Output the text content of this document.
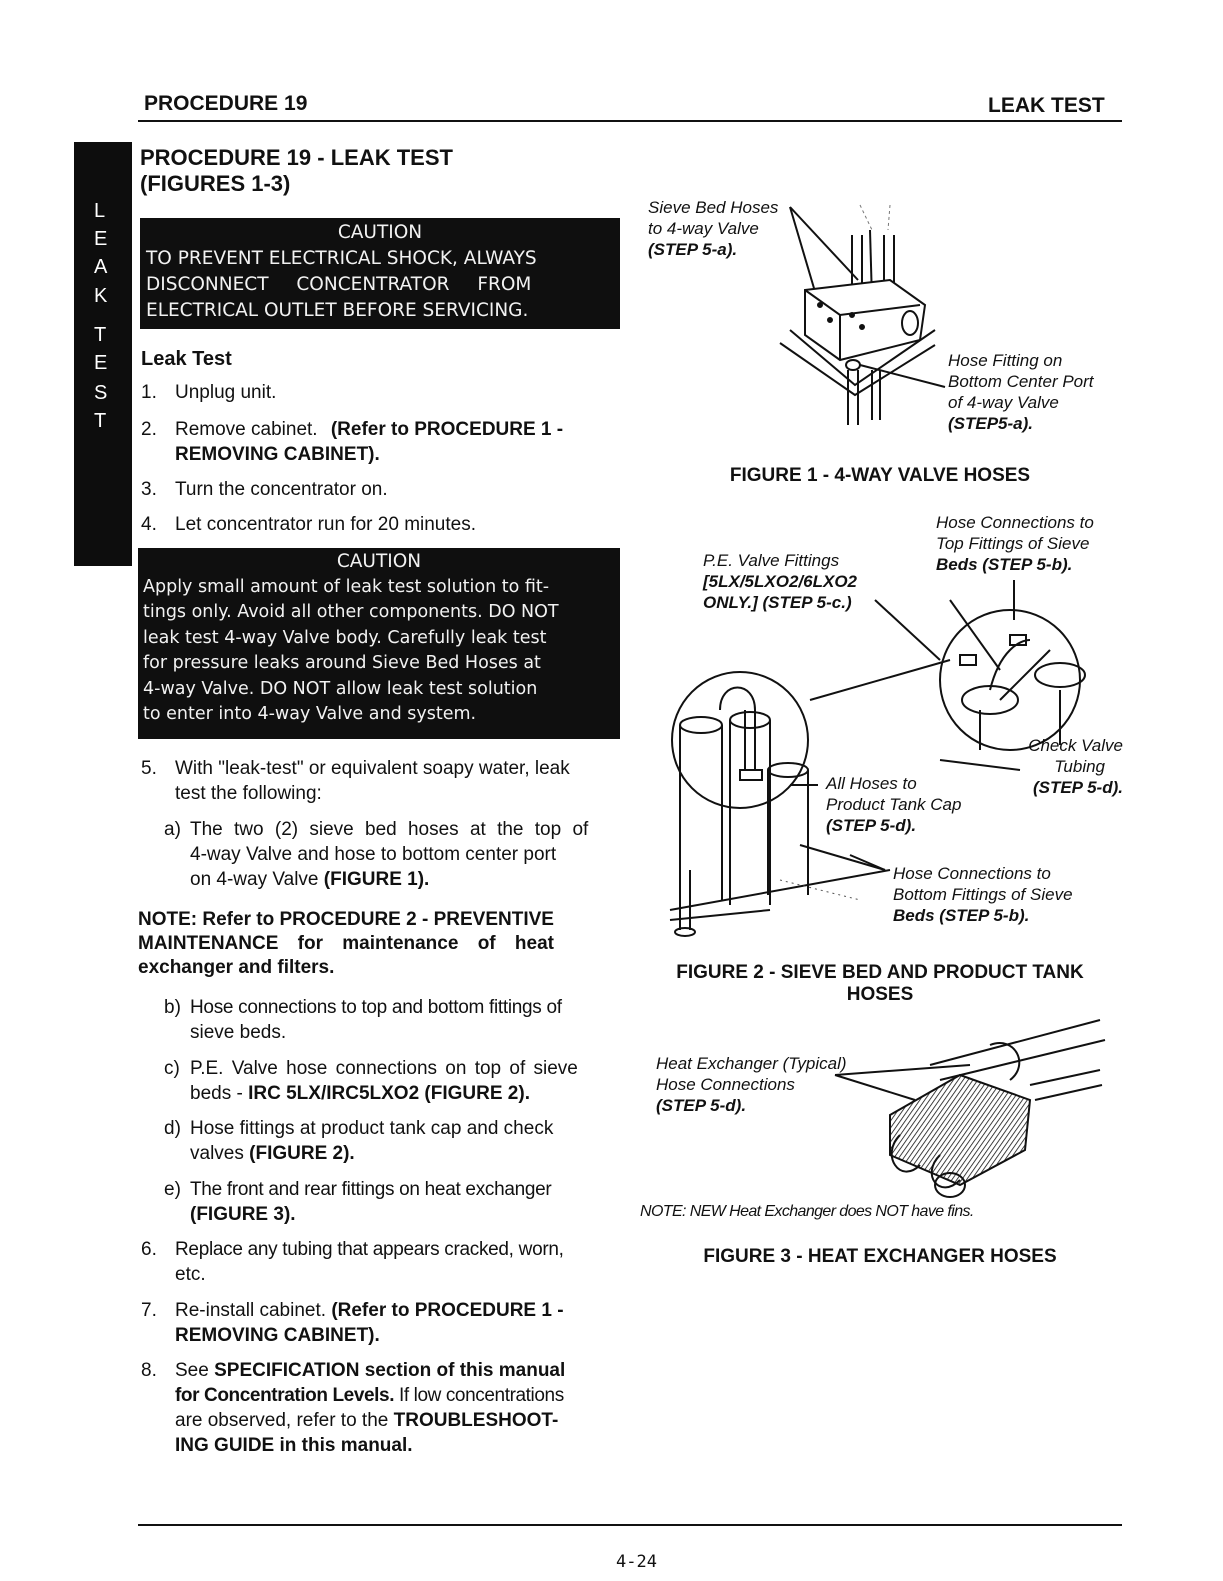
PROCEDURE 19	LEAK TEST
L
E
A
K
T
E
S
T
PROCEDURE 19 - LEAK TEST
(FIGURES 1-3)
CAUTION
TO PREVENT ELECTRICAL SHOCK, ALWAYS
DISCONNECT CONCENTRATOR FROM
ELECTRICAL OUTLET BEFORE SERVICING.
Leak Test
1. Unplug unit.
2. Remove cabinet. (Refer to PROCEDURE 1 -
REMOVING CABINET).
3. Turn the concentrator on.
4. Let concentrator run for 20 minutes.
CAUTION
Apply small amount of leak test solution to fit-
tings only. Avoid all other components. DO NOT
leak test 4-way Valve body. Carefully leak test
for pressure leaks around Sieve Bed Hoses at
4-way Valve. DO NOT allow leak test solution
to enter into 4-way Valve and system.
5. With "leak-test" or equivalent soapy water, leak
test the following:
a) The two (2) sieve bed hoses at the top of
4-way Valve and hose to bottom center port
on 4-way Valve (FIGURE 1).
NOTE: Refer to PROCEDURE 2 - PREVENTIVE
MAINTENANCE for maintenance of heat
exchanger and filters.
b) Hose connections to top and bottom fittings of
sieve beds.
c) P.E. Valve hose connections on top of sieve
beds - IRC 5LX/IRC5LXO2 (FIGURE 2).
d) Hose fittings at product tank cap and check
valves (FIGURE 2).
e) The front and rear fittings on heat exchanger
(FIGURE 3).
6. Replace any tubing that appears cracked, worn,
etc.
7. Re-install cabinet. (Refer to PROCEDURE 1 -
REMOVING CABINET).
8. See SPECIFICATION section of this manual
for Concentration Levels. If low concentrations
are observed, refer to the TROUBLESHOOT-
ING GUIDE in this manual.
Sieve Bed Hoses
to 4-way Valve
(STEP 5-a).
Hose Fitting on
Bottom Center Port
of 4-way Valve
(STEP5-a).
FIGURE 1 - 4-WAY VALVE HOSES
Hose Connections to
Top Fittings of Sieve
Beds (STEP 5-b).
P.E. Valve Fittings
[5LX/5LXO2/6LXO2
ONLY.] (STEP 5-c.)
Check Valve
Tubing
(STEP 5-d).
All Hoses to
Product Tank Cap
(STEP 5-d).
Hose Connections to
Bottom Fittings of Sieve
Beds (STEP 5-b).
FIGURE 2 - SIEVE BED AND PRODUCT TANK
HOSES
Heat Exchanger (Typical)
Hose Connections
(STEP 5-d).
NOTE: NEW Heat Exchanger does NOT have fins.
FIGURE 3 - HEAT EXCHANGER HOSES
4-24
